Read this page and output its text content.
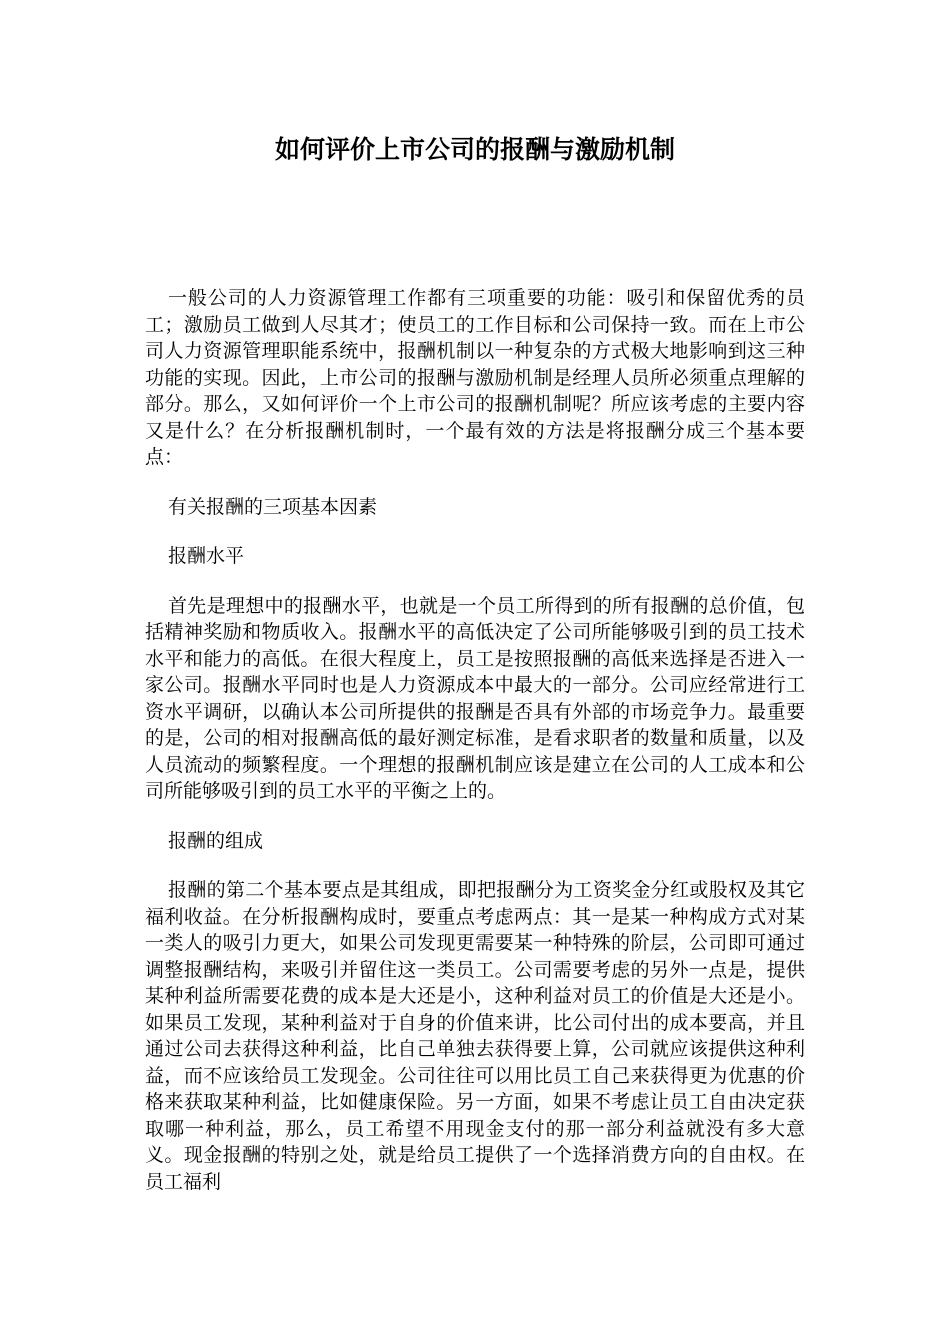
如何评价上市公司的报酬与激励机制

一般公司的人力资源管理工作都有三项重要的功能：吸引和保留优秀的员工；激励员工做到人尽其才；使员工的工作目标和公司保持一致。而在上市公司人力资源管理职能系统中，报酬机制以一种复杂的方式极大地影响到这三种功能的实现。因此，上市公司的报酬与激励机制是经理人员所必须重点理解的部分。那么，又如何评价一个上市公司的报酬机制呢？所应该考虑的主要内容又是什么？在分析报酬机制时，一个最有效的方法是将报酬分成三个基本要点：

有关报酬的三项基本因素

报酬水平

首先是理想中的报酬水平，也就是一个员工所得到的所有报酬的总价值，包括精神奖励和物质收入。报酬水平的高低决定了公司所能够吸引到的员工技术水平和能力的高低。在很大程度上，员工是按照报酬的高低来选择是否进入一家公司。报酬水平同时也是人力资源成本中最大的一部分。公司应经常进行工资水平调研，以确认本公司所提供的报酬是否具有外部的市场竞争力。最重要的是，公司的相对报酬高低的最好测定标准，是看求职者的数量和质量，以及人员流动的频繁程度。一个理想的报酬机制应该是建立在公司的人工成本和公司所能够吸引到的员工水平的平衡之上的。

报酬的组成

报酬的第二个基本要点是其组成，即把报酬分为工资奖金分红或股权及其它福利收益。在分析报酬构成时，要重点考虑两点：其一是某一种构成方式对某一类人的吸引力更大，如果公司发现更需要某一种特殊的阶层，公司即可通过调整报酬结构，来吸引并留住这一类员工。公司需要考虑的另外一点是，提供某种利益所需要花费的成本是大还是小，这种利益对员工的价值是大还是小。如果员工发现，某种利益对于自身的价值来讲，比公司付出的成本要高，并且通过公司去获得这种利益，比自己单独去获得要上算，公司就应该提供这种利益，而不应该给员工发现金。公司往往可以用比员工自己来获得更为优惠的价格来获取某种利益，比如健康保险。另一方面，如果不考虑让员工自由决定获取哪一种利益，那么，员工希望不用现金支付的那一部分利益就没有多大意义。现金报酬的特别之处，就是给员工提供了一个选择消费方向的自由权。在员工福利
